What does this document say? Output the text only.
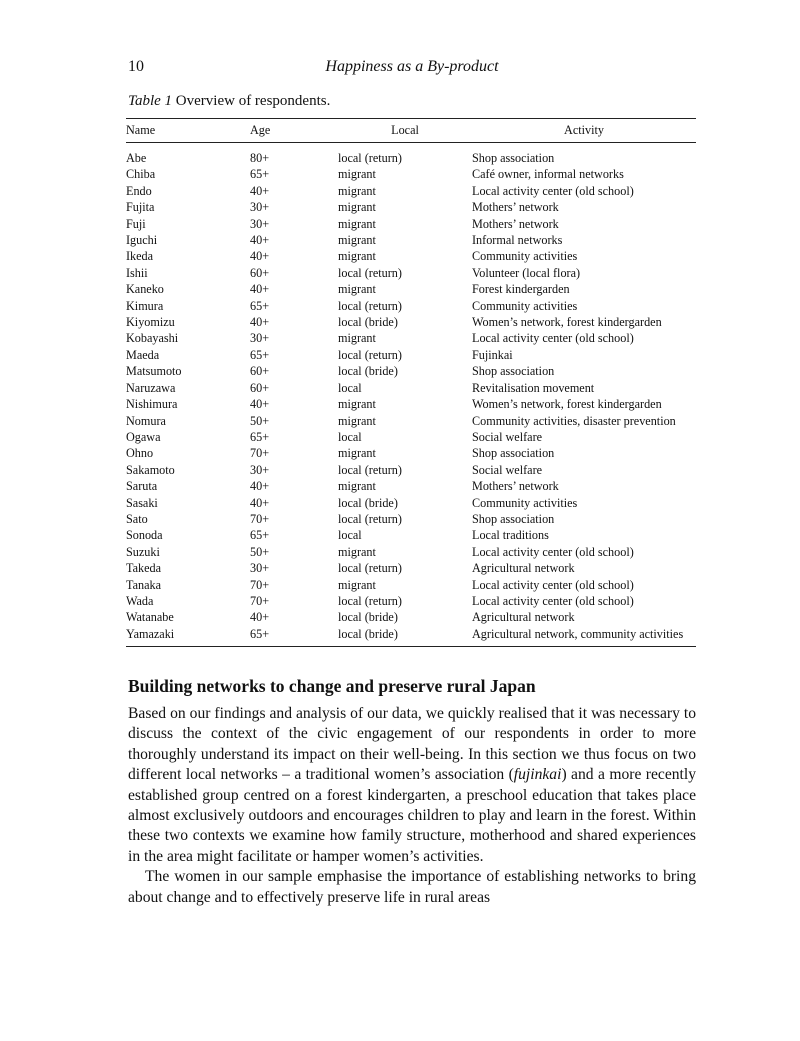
10	Happiness as a By-product
Table 1 Overview of respondents.
Name	Age	Local	Activity
Abe	80+	local (return)	Shop association
Chiba	65+	migrant	Café owner, informal networks
Endo	40+	migrant	Local activity center (old school)
Fujita	30+	migrant	Mothers’ network
Fuji	30+	migrant	Mothers’ network
Iguchi	40+	migrant	Informal networks
Ikeda	40+	migrant	Community activities
Ishii	60+	local (return)	Volunteer (local flora)
Kaneko	40+	migrant	Forest kindergarden
Kimura	65+	local (return)	Community activities
Kiyomizu	40+	local (bride)	Women’s network, forest kindergarden
Kobayashi	30+	migrant	Local activity center (old school)
Maeda	65+	local (return)	Fujinkai
Matsumoto	60+	local (bride)	Shop association
Naruzawa	60+	local	Revitalisation movement
Nishimura	40+	migrant	Women’s network, forest kindergarden
Nomura	50+	migrant	Community activities, disaster prevention
Ogawa	65+	local	Social welfare
Ohno	70+	migrant	Shop association
Sakamoto	30+	local (return)	Social welfare
Saruta	40+	migrant	Mothers’ network
Sasaki	40+	local (bride)	Community activities
Sato	70+	local (return)	Shop association
Sonoda	65+	local	Local traditions
Suzuki	50+	migrant	Local activity center (old school)
Takeda	30+	local (return)	Agricultural network
Tanaka	70+	migrant	Local activity center (old school)
Wada	70+	local (return)	Local activity center (old school)
Watanabe	40+	local (bride)	Agricultural network
Yamazaki	65+	local (bride)	Agricultural network, community activities
Building networks to change and preserve rural Japan

Based on our findings and analysis of our data, we quickly realised that it was necessary to discuss the context of the civic engagement of our respondents in order to more thoroughly understand its impact on their well-being. In this section we thus focus on two different local networks – a traditional women’s association (fujinkai) and a more recently established group centred on a forest kindergarten, a preschool education that takes place almost exclusively outdoors and encourages children to play and learn in the forest. Within these two contexts we examine how family structure, motherhood and shared experiences in the area might facilitate or hamper women’s activities.

The women in our sample emphasise the importance of establishing networks to bring about change and to effectively preserve life in rural areas
